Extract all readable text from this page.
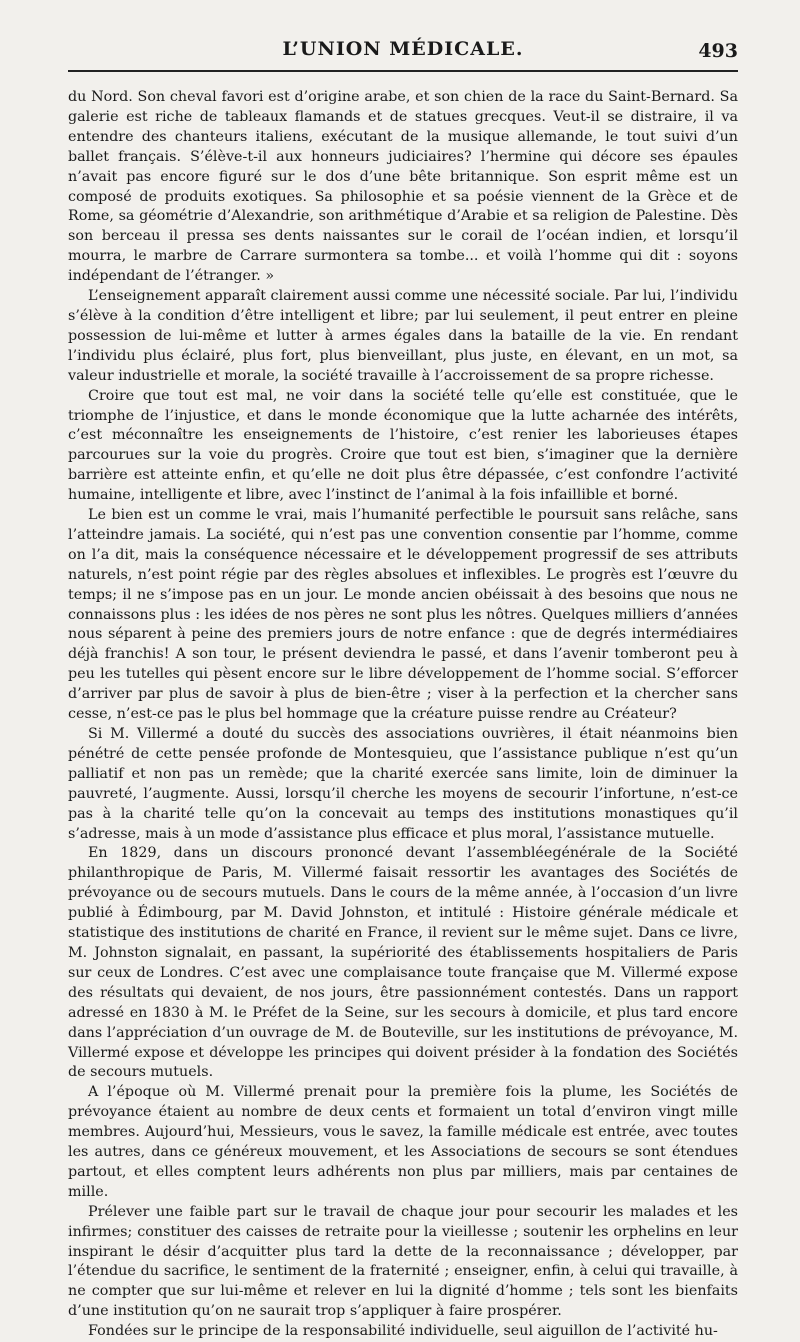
L’UNION MÉDICALE.	493

du Nord. Son cheval favori est d’origine arabe, et son chien de la race du Saint-Bernard. Sa galerie est riche de tableaux flamands et de statues grecques. Veut-il se distraire, il va entendre des chanteurs italiens, exécutant de la musique allemande, le tout suivi d’un ballet français. S’élève-t-il aux honneurs judiciaires? l’hermine qui décore ses épaules n’avait pas encore figuré sur le dos d’une bête britannique. Son esprit même est un composé de produits exotiques. Sa philosophie et sa poésie viennent de la Grèce et de Rome, sa géométrie d’Alexandrie, son arithmétique d’Arabie et sa religion de Palestine. Dès son berceau il pressa ses dents naissantes sur le corail de l’océan indien, et lorsqu’il mourra, le marbre de Carrare surmontera sa tombe... et voilà l’homme qui dit : soyons indépendant de l’étranger. »

L’enseignement apparaît clairement aussi comme une nécessité sociale. Par lui, l’individu s’élève à la condition d’être intelligent et libre; par lui seulement, il peut entrer en pleine possession de lui-même et lutter à armes égales dans la bataille de la vie. En rendant l’individu plus éclairé, plus fort, plus bienveillant, plus juste, en élevant, en un mot, sa valeur industrielle et morale, la société travaille à l’accroissement de sa propre richesse.

Croire que tout est mal, ne voir dans la société telle qu’elle est constituée, que le triomphe de l’injustice, et dans le monde économique que la lutte acharnée des intérêts, c’est méconnaître les enseignements de l’histoire, c’est renier les laborieuses étapes parcourues sur la voie du progrès. Croire que tout est bien, s’imaginer que la dernière barrière est atteinte enfin, et qu’elle ne doit plus être dépassée, c’est confondre l’activité humaine, intelligente et libre, avec l’instinct de l’animal à la fois infaillible et borné.

Le bien est un comme le vrai, mais l’humanité perfectible le poursuit sans relâche, sans l’atteindre jamais. La société, qui n’est pas une convention consentie par l’homme, comme on l’a dit, mais la conséquence nécessaire et le développement progressif de ses attributs naturels, n’est point régie par des règles absolues et inflexibles. Le progrès est l’œuvre du temps; il ne s’impose pas en un jour. Le monde ancien obéissait à des besoins que nous ne connaissons plus : les idées de nos pères ne sont plus les nôtres. Quelques milliers d’années nous séparent à peine des premiers jours de notre enfance : que de degrés intermédiaires déjà franchis! A son tour, le présent deviendra le passé, et dans l’avenir tomberont peu à peu les tutelles qui pèsent encore sur le libre développement de l’homme social. S’efforcer d’arriver par plus de savoir à plus de bien-être ; viser à la perfection et la chercher sans cesse, n’est-ce pas le plus bel hommage que la créature puisse rendre au Créateur?

Si M. Villermé a douté du succès des associations ouvrières, il était néanmoins bien pénétré de cette pensée profonde de Montesquieu, que l’assistance publique n’est qu’un palliatif et non pas un remède; que la charité exercée sans limite, loin de diminuer la pauvreté, l’augmente. Aussi, lorsqu’il cherche les moyens de secourir l’infortune, n’est-ce pas à la charité telle qu’on la concevait au temps des institutions monastiques qu’il s’adresse, mais à un mode d’assistance plus efficace et plus moral, l’assistance mutuelle.

En 1829, dans un discours prononcé devant l’assembléegénérale de la Société philanthropique de Paris, M. Villermé faisait ressortir les avantages des Sociétés de prévoyance ou de secours mutuels. Dans le cours de la même année, à l’occasion d’un livre publié à Édimbourg, par M. David Johnston, et intitulé : Histoire générale médicale et statistique des institutions de charité en France, il revient sur le même sujet. Dans ce livre, M. Johnston signalait, en passant, la supériorité des établissements hospitaliers de Paris sur ceux de Londres. C’est avec une complaisance toute française que M. Villermé expose des résultats qui devaient, de nos jours, être passionnément contestés. Dans un rapport adressé en 1830 à M. le Préfet de la Seine, sur les secours à domicile, et plus tard encore dans l’appréciation d’un ouvrage de M. de Bouteville, sur les institutions de prévoyance, M. Villermé expose et développe les principes qui doivent présider à la fondation des Sociétés de secours mutuels.

A l’époque où M. Villermé prenait pour la première fois la plume, les Sociétés de prévoyance étaient au nombre de deux cents et formaient un total d’environ vingt mille membres. Aujourd’hui, Messieurs, vous le savez, la famille médicale est entrée, avec toutes les autres, dans ce généreux mouvement, et les Associations de secours se sont étendues partout, et elles comptent leurs adhérents non plus par milliers, mais par centaines de mille.

Prélever une faible part sur le travail de chaque jour pour secourir les malades et les infirmes; constituer des caisses de retraite pour la vieillesse ; soutenir les orphelins en leur inspirant le désir d’acquitter plus tard la dette de la reconnaissance ; développer, par l’étendue du sacrifice, le sentiment de la fraternité ; enseigner, enfin, à celui qui travaille, à ne compter que sur lui-même et relever en lui la dignité d’homme ; tels sont les bienfaits d’une institution qu’on ne saurait trop s’appliquer à faire prospérer.

Fondées sur le principe de la responsabilité individuelle, seul aiguillon de l’activité hu-
